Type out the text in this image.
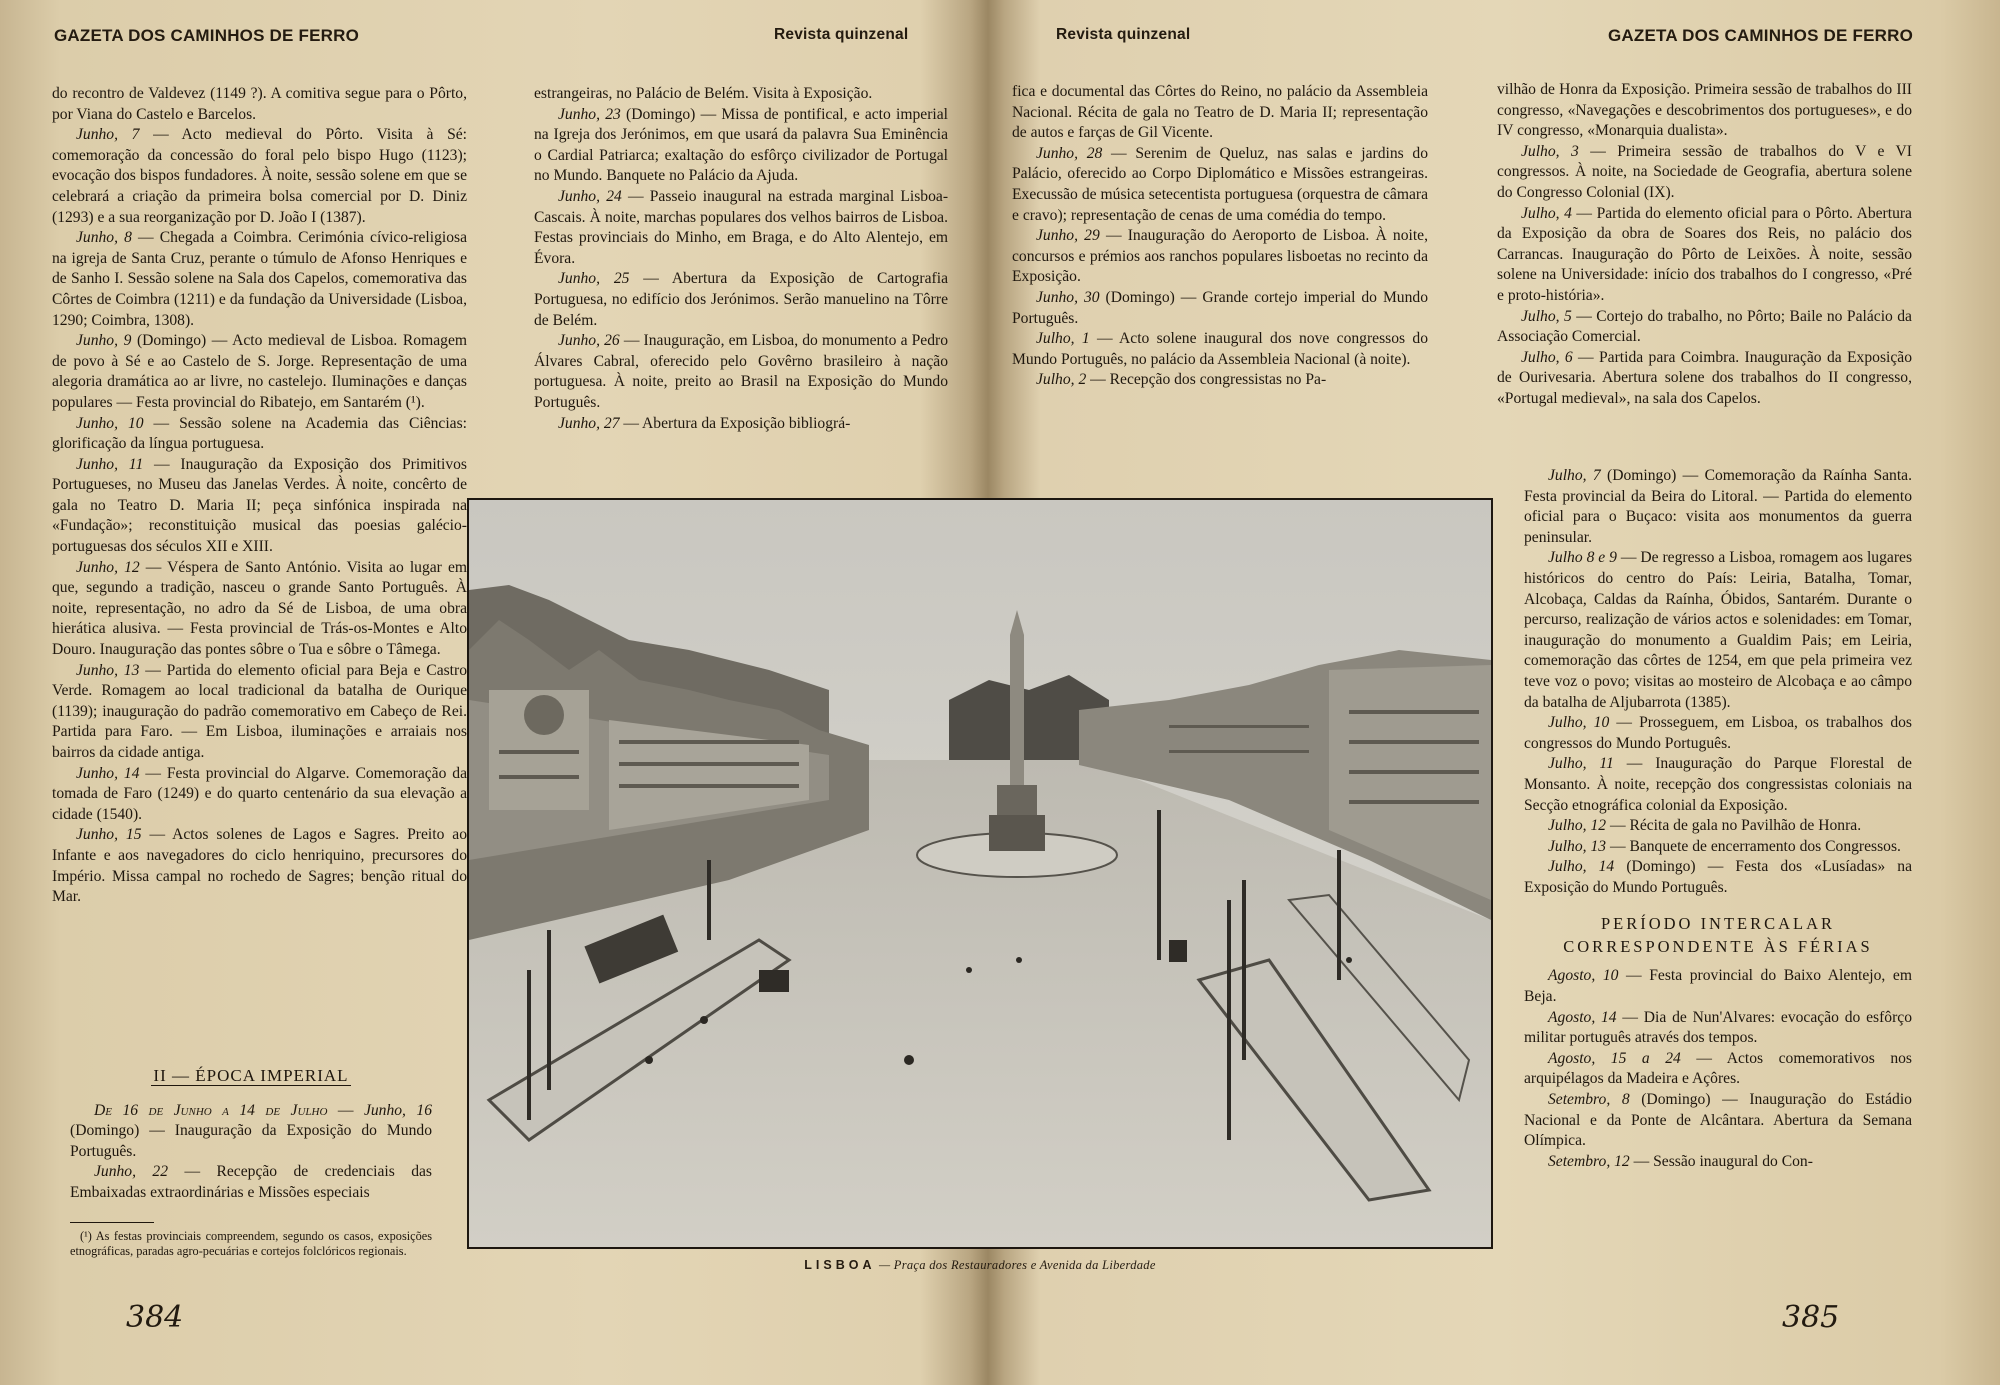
GAZETA DOS CAMINHOS DE FERRO	Revista quinzenal	Revista quinzenal	GAZETA DOS CAMINHOS DE FERRO

do recontro de Valdevez (1149 ?). A comitiva segue para o Pôrto, por Viana do Castelo e Barcelos.

Junho, 7 — Acto medieval do Pôrto. Visita à Sé: comemoração da concessão do foral pelo bispo Hugo (1123); evocação dos bispos fundadores. À noite, sessão solene em que se celebrará a criação da primeira bolsa comercial por D. Diniz (1293) e a sua reorganização por D. João I (1387).

Junho, 8 — Chegada a Coimbra. Cerimónia cívico-religiosa na igreja de Santa Cruz, perante o túmulo de Afonso Henriques e de Sanho I. Sessão solene na Sala dos Capelos, comemorativa das Côrtes de Coimbra (1211) e da fundação da Universidade (Lisboa, 1290; Coimbra, 1308).

Junho, 9 (Domingo) — Acto medieval de Lisboa. Romagem de povo à Sé e ao Castelo de S. Jorge. Representação de uma alegoria dramática ao ar livre, no castelejo. Iluminações e danças populares — Festa provincial do Ribatejo, em Santarém (¹).

Junho, 10 — Sessão solene na Academia das Ciências: glorificação da língua portuguesa.

Junho, 11 — Inauguração da Exposição dos Primitivos Portugueses, no Museu das Janelas Verdes. À noite, concêrto de gala no Teatro D. Maria II; peça sinfónica inspirada na «Fundação»; reconstituição musical das poesias galécio-portuguesas dos séculos XII e XIII.

Junho, 12 — Véspera de Santo António. Visita ao lugar em que, segundo a tradição, nasceu o grande Santo Português. À noite, representação, no adro da Sé de Lisboa, de uma obra hierática alusiva. — Festa provincial de Trás-os-Montes e Alto Douro. Inauguração das pontes sôbre o Tua e sôbre o Tâmega.

Junho, 13 — Partida do elemento oficial para Beja e Castro Verde. Romagem ao local tradicional da batalha de Ourique (1139); inauguração do padrão comemorativo em Cabeço de Rei. Partida para Faro. — Em Lisboa, iluminações e arraiais nos bairros da cidade antiga.

Junho, 14 — Festa provincial do Algarve. Comemoração da tomada de Faro (1249) e do quarto centenário da sua elevação a cidade (1540).

Junho, 15 — Actos solenes de Lagos e Sagres. Preito ao Infante e aos navegadores do ciclo henriquino, precursores do Império. Missa campal no rochedo de Sagres; benção ritual do Mar.

II — ÉPOCA IMPERIAL

De 16 de Junho a 14 de Julho — Junho, 16 (Domingo) — Inauguração da Exposição do Mundo Português.

Junho, 22 — Recepção de credenciais das Embaixadas extraordinárias e Missões especiais

(¹) As festas provinciais compreendem, segundo os casos, exposições etnográficas, paradas agro-pecuárias e cortejos folclóricos regionais.

estrangeiras, no Palácio de Belém. Visita à Exposição.

Junho, 23 (Domingo) — Missa de pontifical, e acto imperial na Igreja dos Jerónimos, em que usará da palavra Sua Eminência o Cardial Patriarca; exaltação do esfôrço civilizador de Portugal no Mundo. Banquete no Palácio da Ajuda.

Junho, 24 — Passeio inaugural na estrada marginal Lisboa-Cascais. À noite, marchas populares dos velhos bairros de Lisboa. Festas provinciais do Minho, em Braga, e do Alto Alentejo, em Évora.

Junho, 25 — Abertura da Exposição de Cartografia Portuguesa, no edifício dos Jerónimos. Serão manuelino na Tôrre de Belém.

Junho, 26 — Inauguração, em Lisboa, do monumento a Pedro Álvares Cabral, oferecido pelo Govêrno brasileiro à nação portuguesa. À noite, preito ao Brasil na Exposição do Mundo Português.

Junho, 27 — Abertura da Exposição bibliográ-

fica e documental das Côrtes do Reino, no palácio da Assembleia Nacional. Récita de gala no Teatro de D. Maria II; representação de autos e farças de Gil Vicente.

Junho, 28 — Serenim de Queluz, nas salas e jardins do Palácio, oferecido ao Corpo Diplomático e Missões estrangeiras. Execussão de música setecentista portuguesa (orquestra de câmara e cravo); representação de cenas de uma comédia do tempo.

Junho, 29 — Inauguração do Aeroporto de Lisboa. À noite, concursos e prémios aos ranchos populares lisboetas no recinto da Exposição.

Junho, 30 (Domingo) — Grande cortejo imperial do Mundo Português.

Julho, 1 — Acto solene inaugural dos nove congressos do Mundo Português, no palácio da Assembleia Nacional (à noite).

Julho, 2 — Recepção dos congressistas no Pa-

vilhão de Honra da Exposição. Primeira sessão de trabalhos do III congresso, «Navegações e descobrimentos dos portugueses», e do IV congresso, «Monarquia dualista».

Julho, 3 — Primeira sessão de trabalhos do V e VI congressos. À noite, na Sociedade de Geografia, abertura solene do Congresso Colonial (IX).

Julho, 4 — Partida do elemento oficial para o Pôrto. Abertura da Exposição da obra de Soares dos Reis, no palácio dos Carrancas. Inauguração do Pôrto de Leixões. À noite, sessão solene na Universidade: início dos trabalhos do I congresso, «Pré e proto-história».

Julho, 5 — Cortejo do trabalho, no Pôrto; Baile no Palácio da Associação Comercial.

Julho, 6 — Partida para Coimbra. Inauguração da Exposição de Ourivesaria. Abertura solene dos trabalhos do II congresso, «Portugal medieval», na sala dos Capelos.

Julho, 7 (Domingo) — Comemoração da Raínha Santa. Festa provincial da Beira do Litoral. — Partida do elemento oficial para o Buçaco: visita aos monumentos da guerra peninsular.

Julho 8 e 9 — De regresso a Lisboa, romagem aos lugares históricos do centro do País: Leiria, Batalha, Tomar, Alcobaça, Caldas da Raínha, Óbidos, Santarém. Durante o percurso, realização de vários actos e solenidades: em Tomar, inauguração do monumento a Gualdim Pais; em Leiria, comemoração das côrtes de 1254, em que pela primeira vez teve voz o povo; visitas ao mosteiro de Alcobaça e ao câmpo da batalha de Aljubarrota (1385).

Julho, 10 — Prosseguem, em Lisboa, os trabalhos dos congressos do Mundo Português.

Julho, 11 — Inauguração do Parque Florestal de Monsanto. À noite, recepção dos congressistas coloniais na Secção etnográfica colonial da Exposição.

Julho, 12 — Récita de gala no Pavilhão de Honra.

Julho, 13 — Banquete de encerramento dos Congressos.

Julho, 14 (Domingo) — Festa dos «Lusíadas» na Exposição do Mundo Português.

PERÍODO INTERCALAR
CORRESPONDENTE ÀS FÉRIAS

Agosto, 10 — Festa provincial do Baixo Alentejo, em Beja.

Agosto, 14 — Dia de Nun'Alvares: evocação do esfôrço militar português através dos tempos.

Agosto, 15 a 24 — Actos comemorativos nos arquipélagos da Madeira e Açôres.

Setembro, 8 (Domingo) — Inauguração do Estádio Nacional e da Ponte de Alcântara. Abertura da Semana Olímpica.

Setembro, 12 — Sessão inaugural do Con-

LISBOA — Praça dos Restauradores e Avenida da Liberdade
384	385
